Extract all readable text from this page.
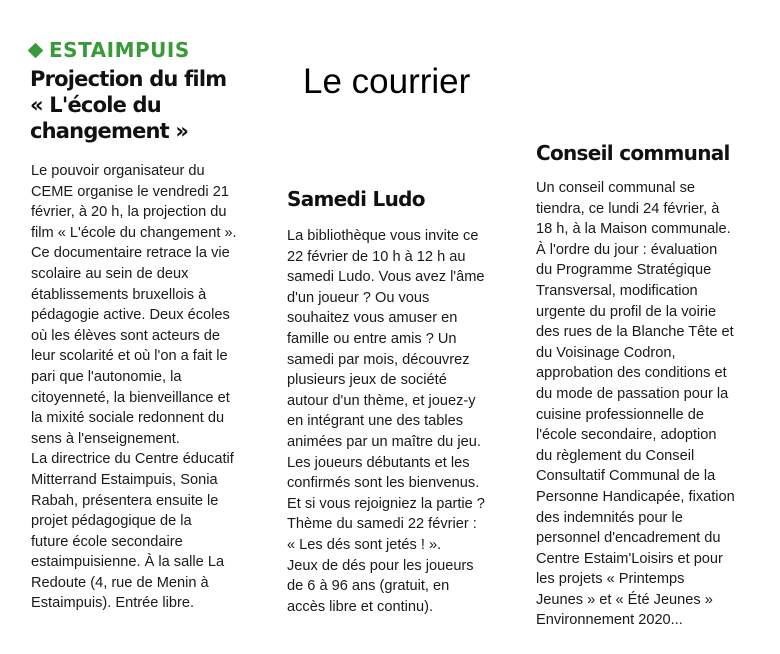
ESTAIMPUIS
Le courrier
Projection du film
« L'école du
changement »

Le pouvoir organisateur du
CEME organise le vendredi 21
février, à 20 h, la projection du
film « L'école du changement ».
Ce documentaire retrace la vie
scolaire au sein de deux
établissements bruxellois à
pédagogie active. Deux écoles
où les élèves sont acteurs de
leur scolarité et où l'on a fait le
pari que l'autonomie, la
citoyenneté, la bienveillance et
la mixité sociale redonnent du
sens à l'enseignement.
La directrice du Centre éducatif
Mitterrand Estaimpuis, Sonia
Rabah, présentera ensuite le
projet pédagogique de la
future école secondaire
estaimpuisienne. À la salle La
Redoute (4, rue de Menin à
Estaimpuis). Entrée libre.

Samedi Ludo

La bibliothèque vous invite ce
22 février de 10 h à 12 h au
samedi Ludo. Vous avez l'âme
d'un joueur ? Ou vous
souhaitez vous amuser en
famille ou entre amis ? Un
samedi par mois, découvrez
plusieurs jeux de société
autour d'un thème, et jouez-y
en intégrant une des tables
animées par un maître du jeu.
Les joueurs débutants et les
confirmés sont les bienvenus.
Et si vous rejoigniez la partie ?
Thème du samedi 22 février :
« Les dés sont jetés ! ».
Jeux de dés pour les joueurs
de 6 à 96 ans (gratuit, en
accès libre et continu).

Conseil communal

Un conseil communal se
tiendra, ce lundi 24 février, à
18 h, à la Maison communale.
À l'ordre du jour : évaluation
du Programme Stratégique
Transversal, modification
urgente du profil de la voirie
des rues de la Blanche Tête et
du Voisinage Codron,
approbation des conditions et
du mode de passation pour la
cuisine professionnelle de
l'école secondaire, adoption
du règlement du Conseil
Consultatif Communal de la
Personne Handicapée, fixation
des indemnités pour le
personnel d'encadrement du
Centre Estaim'Loisirs et pour
les projets « Printemps
Jeunes » et « Été Jeunes »
Environnement 2020...
